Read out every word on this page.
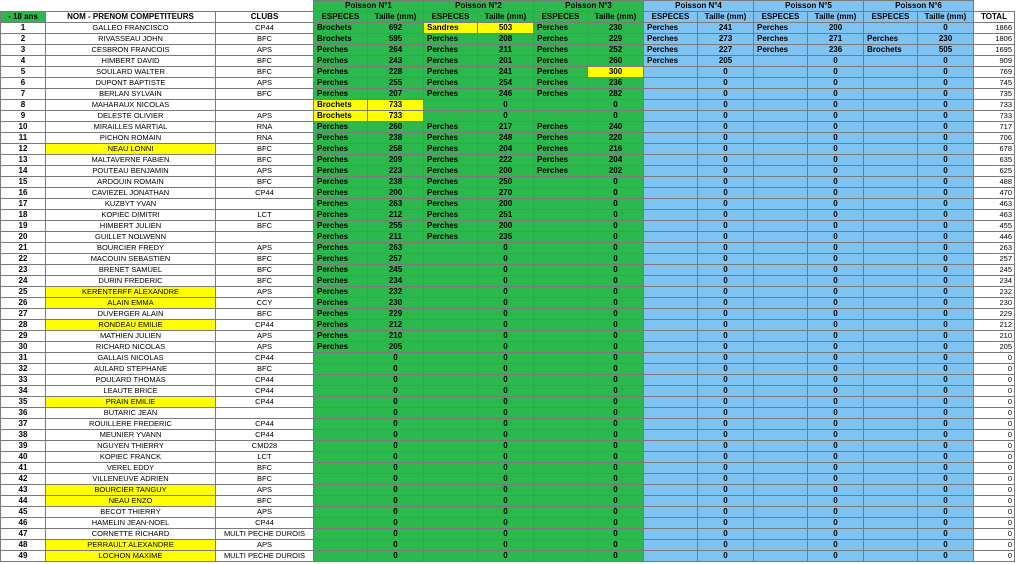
			Poisson N°1		Poisson N°2		Poisson N°3		Poisson N°4		Poisson N°5		Poisson N°6		
- 18 ans	NOM - PRENOM COMPETITEURS	CLUBS	ESPECES	Taille (mm)	ESPECES	Taille (mm)	ESPECES	Taille (mm)	ESPECES	Taille (mm)	ESPECES	Taille (mm)	ESPECES	Taille (mm)	TOTAL
1	GALLEO FRANCISCO	CP44	Brochets	692	Sandres	503	Perches	230	Perches	241	Perches	200		0	1866
2	RIVASSEAU JOHN	BFC	Brochets	595	Perches	208	Perches	229	Perches	273	Perches	271	Perches	230	1806
3	CESBRON FRANCOIS	APS	Perches	264	Perches	211	Perches	252	Perches	227	Perches	236	Brochets	505	1695
4	HIMBERT DAVID	BFC	Perches	243	Perches	201	Perches	260	Perches	205		0		0	909
5	SOULARD WALTER	BFC	Perches	228	Perches	241	Perches	300		0		0		0	769
6	DUPONT BAPTISTE	APS	Perches	255	Perches	254	Perches	236		0		0		0	745
7	BERLAN SYLVAIN	BFC	Perches	207	Perches	246	Perches	282		0		0		0	735
8	MAHARAUX NICOLAS		Brochets	733		0		0		0		0		0	733
9	DELESTE OLIVIER	APS	Brochets	733		0		0		0		0		0	733
10	MIRAILLES MARTIAL	RNA	Perches	260	Perches	217	Perches	240		0		0		0	717
11	PICHON ROMAIN	RNA	Perches	238	Perches	248	Perches	220		0		0		0	706
12	NEAU LONNI	BFC	Perches	258	Perches	204	Perches	216		0		0		0	678
13	MALTAVERNE FABIEN	BFC	Perches	209	Perches	222	Perches	204		0		0		0	635
14	POUTEAU BENJAMIN	APS	Perches	223	Perches	200	Perches	202		0		0		0	625
15	ARDOUIN ROMAIN	BFC	Perches	238	Perches	250		0		0		0		0	488
16	CAVIEZEL JONATHAN	CP44	Perches	200	Perches	270		0		0		0		0	470
17	KUZBYT YVAN		Perches	263	Perches	200		0		0		0		0	463
18	KOPIEC DIMITRI	LCT	Perches	212	Perches	251		0		0		0		0	463
19	HIMBERT JULIEN	BFC	Perches	255	Perches	200		0		0		0		0	455
20	GUILLET NOLWENN		Perches	211	Perches	235		0		0		0		0	446
21	BOURCIER FREDY	APS	Perches	263		0		0		0		0		0	263
22	MACOUIN SEBASTIEN	BFC	Perches	257		0		0		0		0		0	257
23	BRENET SAMUEL	BFC	Perches	245		0		0		0		0		0	245
24	DURIN FREDERIC	BFC	Perches	234		0		0		0		0		0	234
25	KERENTERFF ALEXANDRE	APS	Perches	232		0		0		0		0		0	232
26	ALAIN EMMA	CCY	Perches	230		0		0		0		0		0	230
27	DUVERGER ALAIN	BFC	Perches	229		0		0		0		0		0	229
28	RONDEAU EMILIE	CP44	Perches	212		0		0		0		0		0	212
29	MATHIEN JULIEN	APS	Perches	210		0		0		0		0		0	210
30	RICHARD NICOLAS	APS	Perches	205		0		0		0		0		0	205
31	GALLAIS NICOLAS	CP44		0		0		0		0		0		0	0
32	AULARD STEPHANE	BFC		0		0		0		0		0		0	0
33	POULARD THOMAS	CP44		0		0		0		0		0		0	0
34	LEAUTE BRICE	CP44		0		0		0		0		0		0	0
35	PRAIN EMILIE	CP44		0		0		0		0		0		0	0
36	BUTARIC JEAN			0		0		0		0		0		0	0
37	ROUILLERE FREDERIC	CP44		0		0		0		0		0		0	0
38	MEUNIER YVANN	CP44		0		0		0		0		0		0	0
39	NGUYEN THIERRY	CMD28		0		0		0		0		0		0	0
40	KOPIEC FRANCK	LCT		0		0		0		0		0		0	0
41	VEREL EDDY	BFC		0		0		0		0		0		0	0
42	VILLENEUVE ADRIEN	BFC		0		0		0		0		0		0	0
43	BOURCIER TANGUY	APS		0		0		0		0		0		0	0
44	NEAU ENZO	BFC		0		0		0		0		0		0	0
45	BECOT THIERRY	APS		0		0		0		0		0		0	0
46	HAMELIN JEAN-NOEL	CP44		0		0		0		0		0		0	0
47	CORNETTE RICHARD	MULTI PECHE DUROIS		0		0		0		0		0		0	0
48	PERRAULT ALEXANDRE	APS		0		0		0		0		0		0	0
49	LOCHON MAXIME	MULTI PECHE DUROIS		0		0		0		0		0		0	0
